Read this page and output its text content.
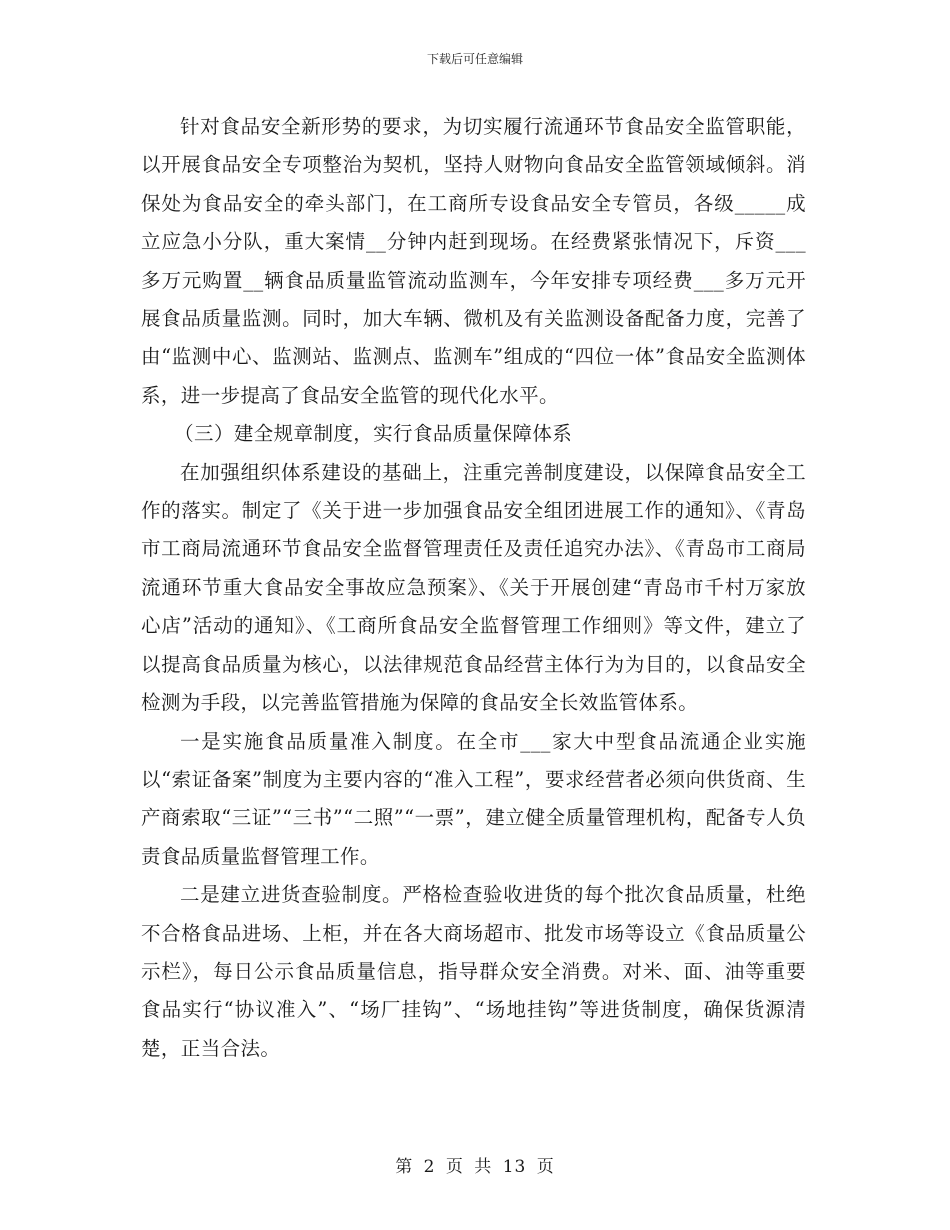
下载后可任意编辑

针对食品安全新形势的要求，为切实履行流通环节食品安全监管职能，以开展食品安全专项整治为契机，坚持人财物向食品安全监管领域倾斜。消保处为食品安全的牵头部门，在工商所专设食品安全专管员，各级_____成立应急小分队，重大案情__分钟内赶到现场。在经费紧张情况下，斥资___多万元购置__辆食品质量监管流动监测车，今年安排专项经费___多万元开展食品质量监测。同时，加大车辆、微机及有关监测设备配备力度，完善了由“监测中心、监测站、监测点、监测车”组成的“四位一体”食品安全监测体系，进一步提高了食品安全监管的现代化水平。

（三）建全规章制度，实行食品质量保障体系

在加强组织体系建设的基础上，注重完善制度建设，以保障食品安全工作的落实。制定了《关于进一步加强食品安全组团进展工作的通知》、《青岛市工商局流通环节食品安全监督管理责任及责任追究办法》、《青岛市工商局流通环节重大食品安全事故应急预案》、《关于开展创建“青岛市千村万家放心店”活动的通知》、《工商所食品安全监督管理工作细则》等文件，建立了以提高食品质量为核心，以法律规范食品经营主体行为为目的，以食品安全检测为手段，以完善监管措施为保障的食品安全长效监管体系。

一是实施食品质量准入制度。在全市___家大中型食品流通企业实施以“索证备案”制度为主要内容的“准入工程”，要求经营者必须向供货商、生产商索取“三证”“三书”“二照”“一票”，建立健全质量管理机构，配备专人负责食品质量监督管理工作。

二是建立进货查验制度。严格检查验收进货的每个批次食品质量，杜绝不合格食品进场、上柜，并在各大商场超市、批发市场等设立《食品质量公示栏》，每日公示食品质量信息，指导群众安全消费。对米、面、油等重要食品实行“协议准入”、“场厂挂钩”、“场地挂钩”等进货制度，确保货源清楚，正当合法。

第 2 页 共 13 页
